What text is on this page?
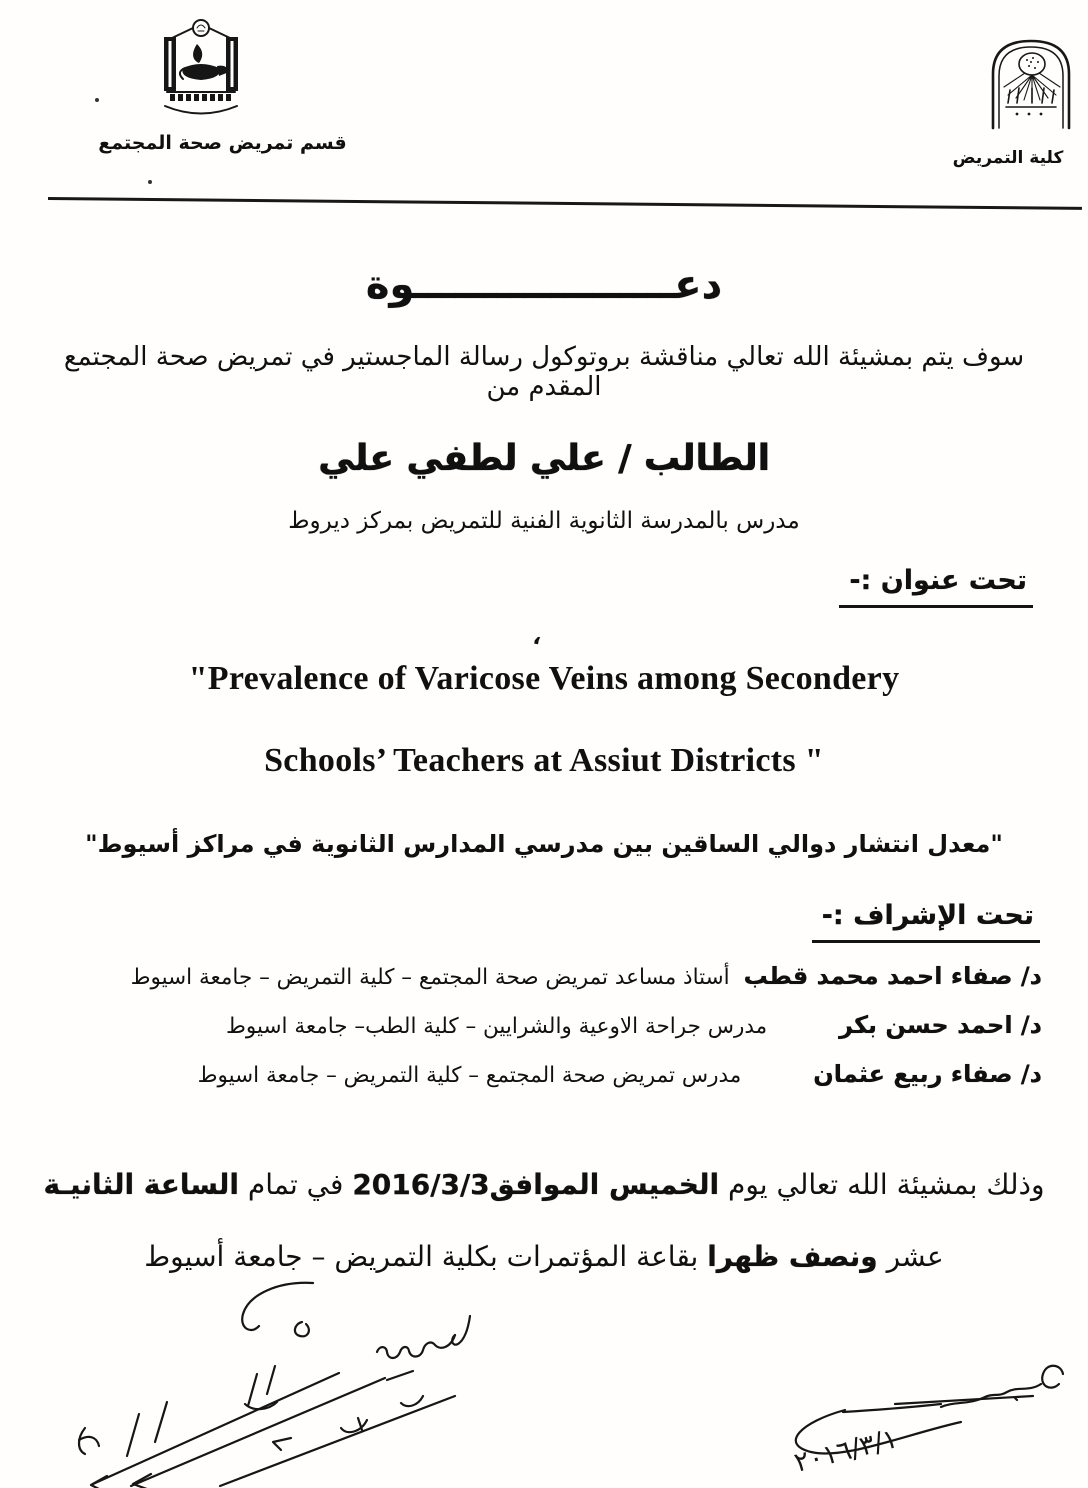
قسم تمريض صحة المجتمع
كلية التمريض
دعـــــــــــــــــــوة
سوف يتم بمشيئة الله تعالي مناقشة بروتوكول رسالة الماجستير في تمريض صحة المجتمع المقدم من
الطالب / علي لطفي علي
مدرس بالمدرسة الثانوية الفنية للتمريض بمركز ديروط
تحت عنوان :-
،
"Prevalence of Varicose Veins among Secondery
Schools’ Teachers at Assiut Districts "
"معدل انتشار دوالي الساقين بين مدرسي المدارس الثانوية في مراكز أسيوط"
تحت الإشراف :-
د/ صفاء احمد محمد قطب
أستاذ مساعد تمريض صحة المجتمع – كلية التمريض – جامعة اسيوط
د/ احمد حسن بكر
مدرس جراحة الاوعية والشرايين – كلية الطب– جامعة اسيوط
د/ صفاء ربيع عثمان
مدرس تمريض صحة المجتمع – كلية التمريض – جامعة اسيوط
وذلك بمشيئة الله تعالي يوم الخميس الموافق2016/3/3 في تمام الساعة الثانيـة
عشر ونصف ظهرا بقاعة المؤتمرات بكلية التمريض – جامعة أسيوط
٢٠١٦/٣/١
